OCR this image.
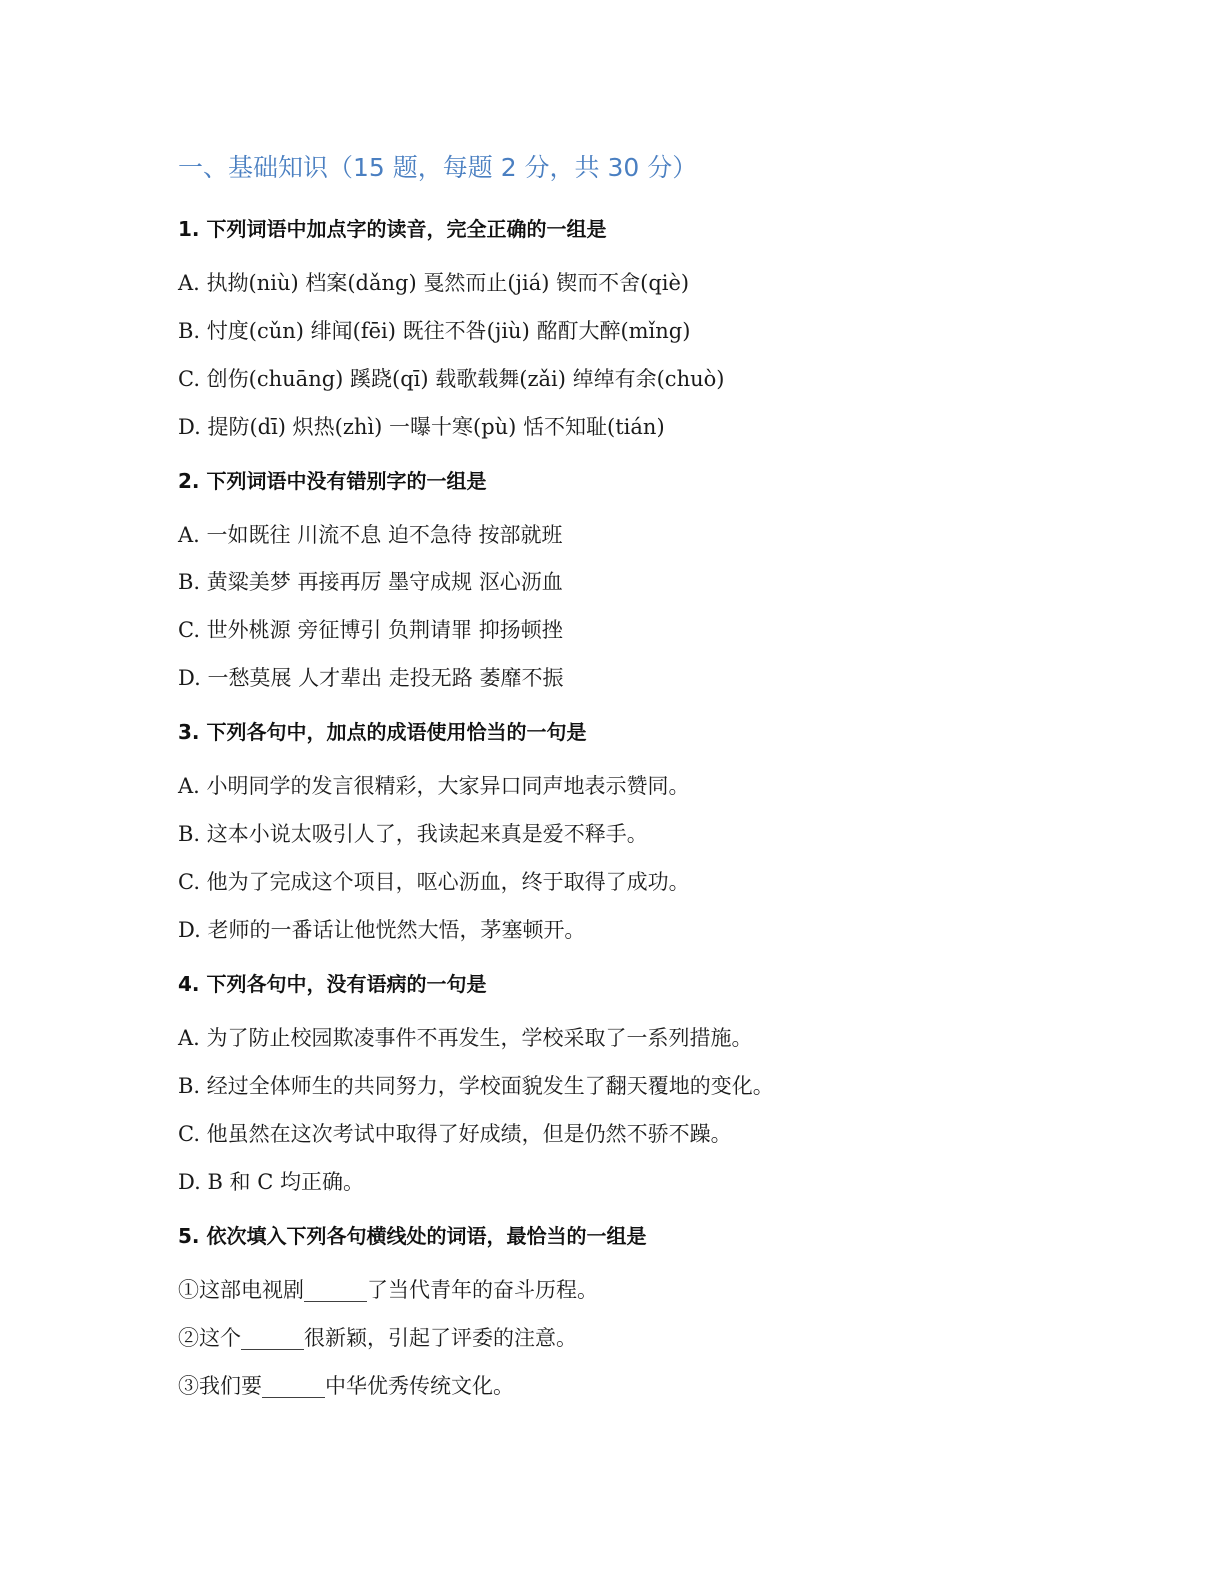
一、基础知识（15 题，每题 2 分，共 30 分）
1. 下列词语中加点字的读音，完全正确的一组是

A. 执拗(niù) 档案(dǎng) 戛然而止(jiá) 锲而不舍(qiè)

B. 忖度(cǔn) 绯闻(fēi) 既往不咎(jiù) 酩酊大醉(mǐng)

C. 创伤(chuāng) 蹊跷(qī) 载歌载舞(zǎi) 绰绰有余(chuò)

D. 提防(dī) 炽热(zhì) 一曝十寒(pù) 恬不知耻(tián)

2. 下列词语中没有错别字的一组是

A. 一如既往 川流不息 迫不急待 按部就班

B. 黄粱美梦 再接再厉 墨守成规 沤心沥血

C. 世外桃源 旁征博引 负荆请罪 抑扬顿挫

D. 一愁莫展 人才辈出 走投无路 萎靡不振

3. 下列各句中，加点的成语使用恰当的一句是

A. 小明同学的发言很精彩，大家异口同声地表示赞同。

B. 这本小说太吸引人了，我读起来真是爱不释手。

C. 他为了完成这个项目，呕心沥血，终于取得了成功。

D. 老师的一番话让他恍然大悟，茅塞顿开。

4. 下列各句中，没有语病的一句是

A. 为了防止校园欺凌事件不再发生，学校采取了一系列措施。

B. 经过全体师生的共同努力，学校面貌发生了翻天覆地的变化。

C. 他虽然在这次考试中取得了好成绩，但是仍然不骄不躁。

D. B 和 C 均正确。

5. 依次填入下列各句横线处的词语，最恰当的一组是

①这部电视剧______了当代青年的奋斗历程。

②这个______很新颖，引起了评委的注意。

③我们要______中华优秀传统文化。
